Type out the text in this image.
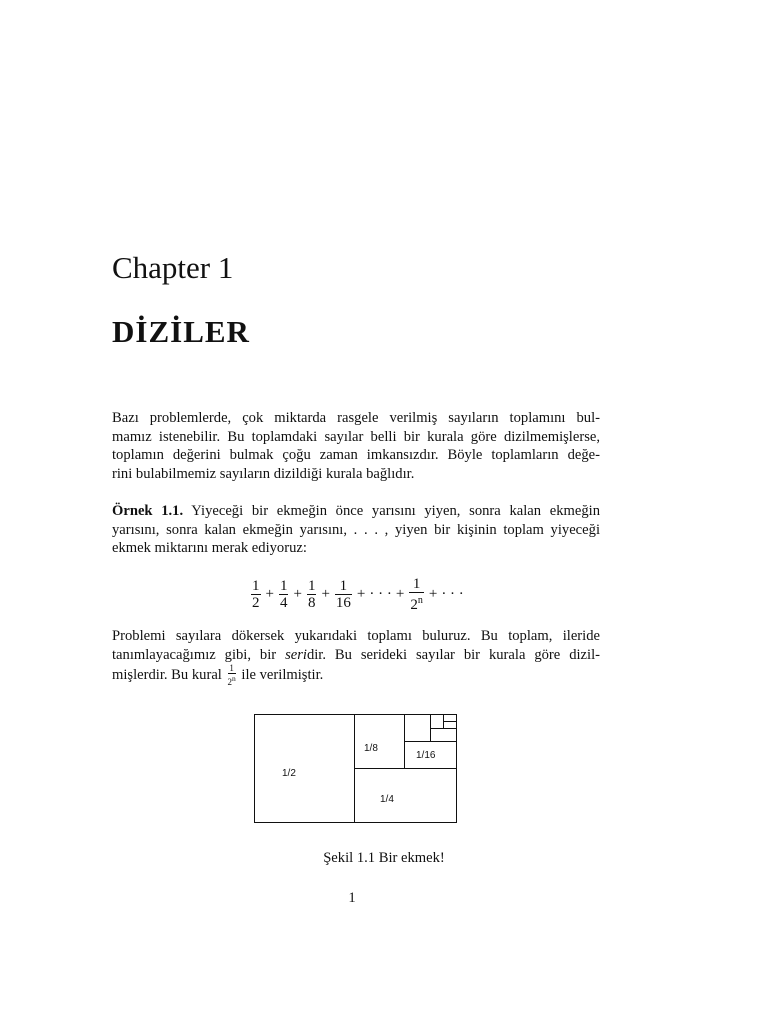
Chapter 1
DİZİLER
Bazı problemlerde, çok miktarda rasgele verilmiş sayıların toplamını bul-
mamız istenebilir. Bu toplamdaki sayılar belli bir kurala göre dizilmemişlerse,
toplamın değerini bulmak çoğu zaman imkansızdır. Böyle toplamların değe-
rini bulabilmemiz sayıların dizildiği kurala bağlıdır.
Örnek 1.1. Yiyeceği bir ekmeğin önce yarısını yiyen, sonra kalan ekmeğin
yarısını, sonra kalan ekmeğin yarısını, . . . , yiyen bir kişinin toplam yiyeceği
ekmek miktarını merak ediyoruz:
$\frac{1}{2} + \frac{1}{4} + \frac{1}{8} + \frac{1}{16}$ + · · · + $\frac{1}{2^n}$ + · · ·
Problemi sayılara dökersek yukarıdaki toplamı buluruz. Bu toplam, ileride
tanımlayacağımız gibi, bir seridir. Bu serideki sayılar bir kurala göre dizil-
mişlerdir. Bu kural $\frac{1}{2^n}$ ile verilmiştir.
1/2
1/8
1/16
1/4
Şekil 1.1 Bir ekmek!
1
